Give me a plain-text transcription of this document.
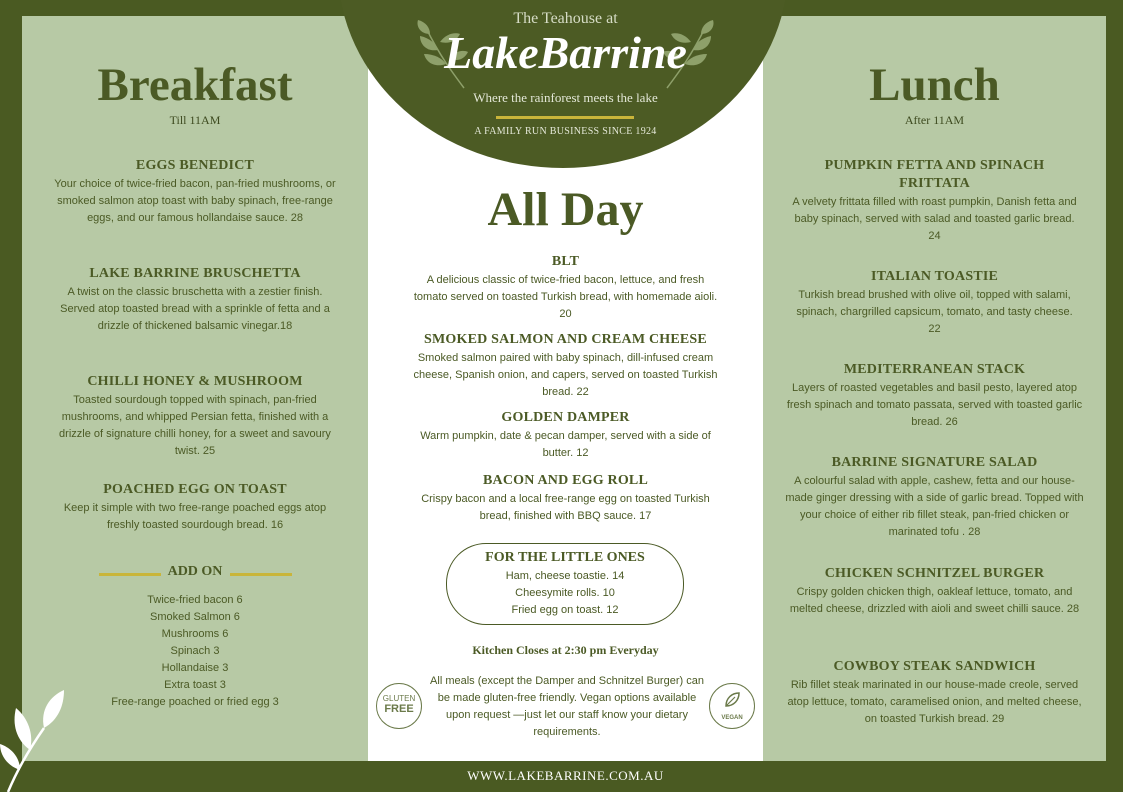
Breakfast
Till 11AM
EGGS BENEDICT

Your choice of twice-fried bacon, pan-fried mushrooms, or smoked salmon atop toast with baby spinach, free-range eggs, and our famous hollandaise sauce. 28

LAKE BARRINE BRUSCHETTA

A twist on the classic bruschetta with a zestier finish. Served atop toasted bread with a sprinkle of fetta and a drizzle of thickened balsamic vinegar.18

CHILLI HONEY & MUSHROOM

Toasted sourdough topped with spinach, pan-fried mushrooms, and whipped Persian fetta, finished with a drizzle of signature chilli honey, for a sweet and savoury twist. 25

POACHED EGG ON TOAST

Keep it simple with two free-range poached eggs atop freshly toasted sourdough bread. 16

ADD ON
Twice-fried bacon 6
Smoked Salmon 6
Mushrooms 6
Spinach 3
Hollandaise 3
Extra toast 3
Free-range poached or fried egg 3
All Day
BLT

A delicious classic of twice-fried bacon, lettuce, and fresh tomato served on toasted Turkish bread, with homemade aioli. 20

SMOKED SALMON AND CREAM CHEESE

Smoked salmon paired with baby spinach, dill-infused cream cheese, Spanish onion, and capers, served on toasted Turkish bread. 22

GOLDEN DAMPER

Warm pumpkin, date & pecan damper, served with a side of butter. 12

BACON AND EGG ROLL

Crispy bacon and a local free-range egg on toasted Turkish bread, finished with BBQ sauce. 17

FOR THE LITTLE ONES
Ham, cheese toastie. 14
Cheesymite rolls. 10
Fried egg on toast. 12
Kitchen Closes at 2:30 pm Everyday
All meals (except the Damper and Schnitzel Burger) can be made gluten-free friendly. Vegan options available upon request —just let our staff know your dietary requirements.
GLUTEN
FREE
VEGAN
Lunch
After 11AM
PUMPKIN FETTA AND SPINACH FRITTATA

A velvety frittata filled with roast pumpkin, Danish fetta and baby spinach, served with salad and toasted garlic bread. 24

ITALIAN TOASTIE

Turkish bread brushed with olive oil, topped with salami, spinach, chargrilled capsicum, tomato, and tasty cheese. 22

MEDITERRANEAN STACK

Layers of roasted vegetables and basil pesto, layered atop fresh spinach and tomato passata, served with toasted garlic bread. 26

BARRINE SIGNATURE SALAD

A colourful salad with apple, cashew, fetta and our house-made ginger dressing with a side of garlic bread. Topped with your choice of either rib fillet steak, pan-fried chicken or marinated tofu . 28

CHICKEN SCHNITZEL BURGER

Crispy golden chicken thigh, oakleaf lettuce, tomato, and melted cheese, drizzled with aioli and sweet chilli sauce. 28

COWBOY STEAK SANDWICH

Rib fillet steak marinated in our house-made creole, served atop lettuce, tomato, caramelised onion, and melted cheese, on toasted Turkish bread. 29

The Teahouse at
LakeBarrine
Where the rainforest meets the lake
A FAMILY RUN BUSINESS SINCE 1924
WWW.LAKEBARRINE.COM.AU
